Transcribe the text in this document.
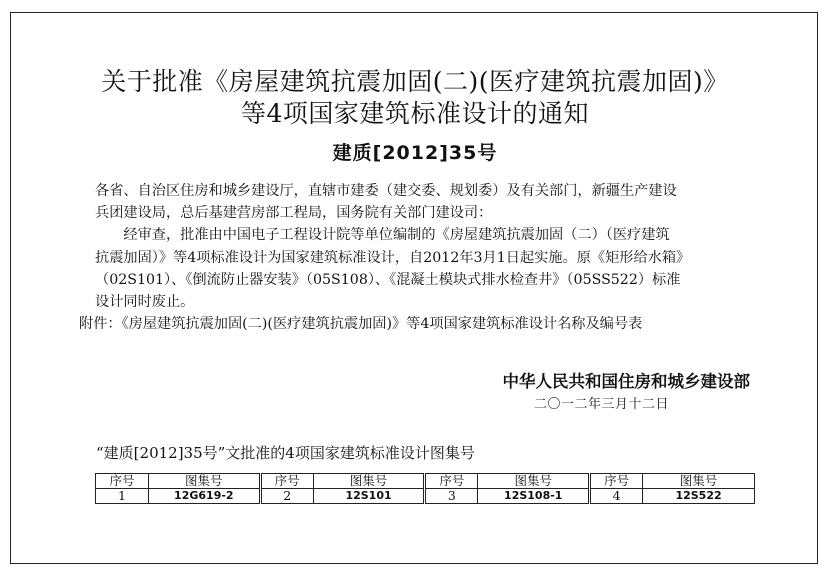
关于批准《房屋建筑抗震加固(二)(医疗建筑抗震加固)》
等4项国家建筑标准设计的通知
建质[2012]35号

各省、自治区住房和城乡建设厅，直辖市建委（建交委、规划委）及有关部门，新疆生产建设

兵团建设局，总后基建营房部工程局，国务院有关部门建设司：

经审查，批准由中国电子工程设计院等单位编制的《房屋建筑抗震加固（二）（医疗建筑

抗震加固）》等4项标准设计为国家建筑标准设计，自2012年3月1日起实施。原《矩形给水箱》

（02S101）、《倒流防止器安装》（05S108）、《混凝土模块式排水检查井》（05SS522）标准

设计同时废止。

附件：《房屋建筑抗震加固(二)(医疗建筑抗震加固)》等4项国家建筑标准设计名称及编号表
中华人民共和国住房和城乡建设部
二〇一二年三月十二日
“建质[2012]35号”文批准的4项国家建筑标准设计图集号
序号	图集号	序号	图集号	序号	图集号	序号	图集号
1	12G619-2	2	12S101	3	12S108-1	4	12S522
